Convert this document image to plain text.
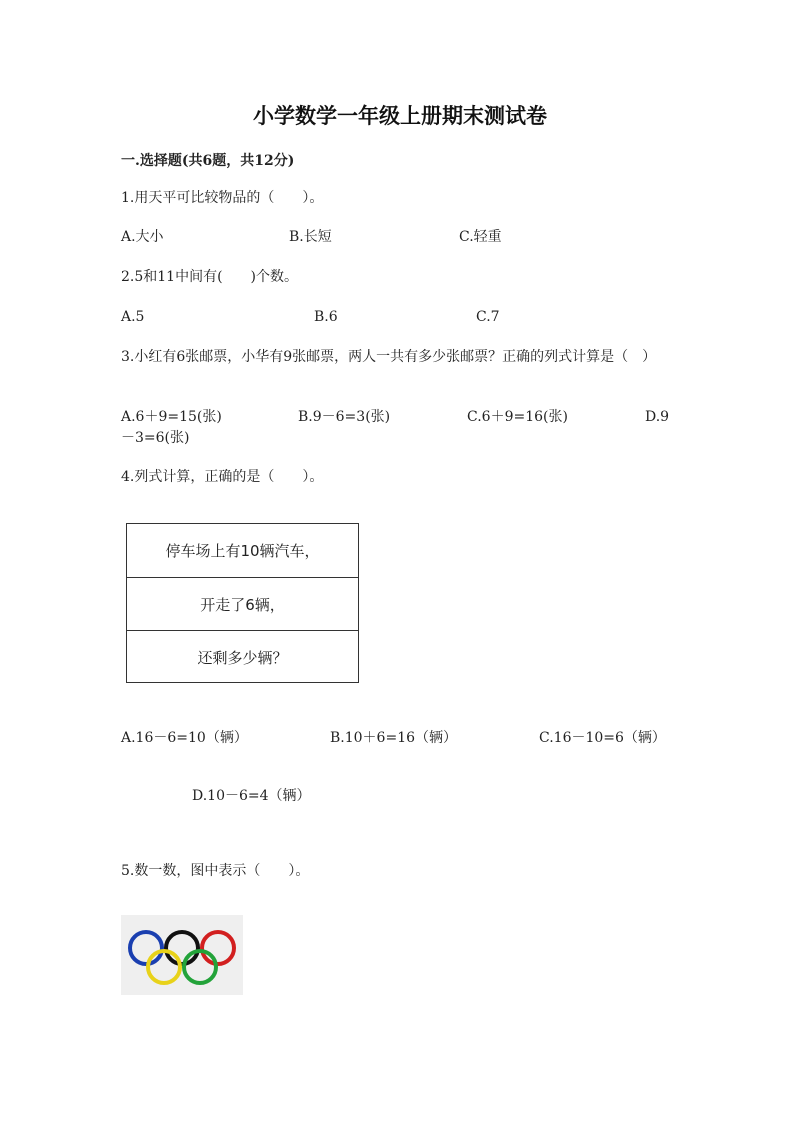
小学数学一年级上册期末测试卷
一.选择题(共6题，共12分)
1.用天平可比较物品的（　　）。
A.大小	B.长短	C.轻重
2.5和11中间有(　　)个数。
A.5	B.6	C.7
3.小红有6张邮票，小华有9张邮票，两人一共有多少张邮票？正确的列式计算是（　）
A.6＋9=15(张)	B.9－6=3(张)	C.6＋9=16(张)	D.9
－3=6(张)
4.列式计算，正确的是（　　）。
停车场上有10辆汽车，
开走了6辆，
还剩多少辆？
A.16－6=10（辆）	B.10＋6=16（辆）	C.16－10=6（辆）
D.10－6=4（辆）
5.数一数，图中表示（　　）。
